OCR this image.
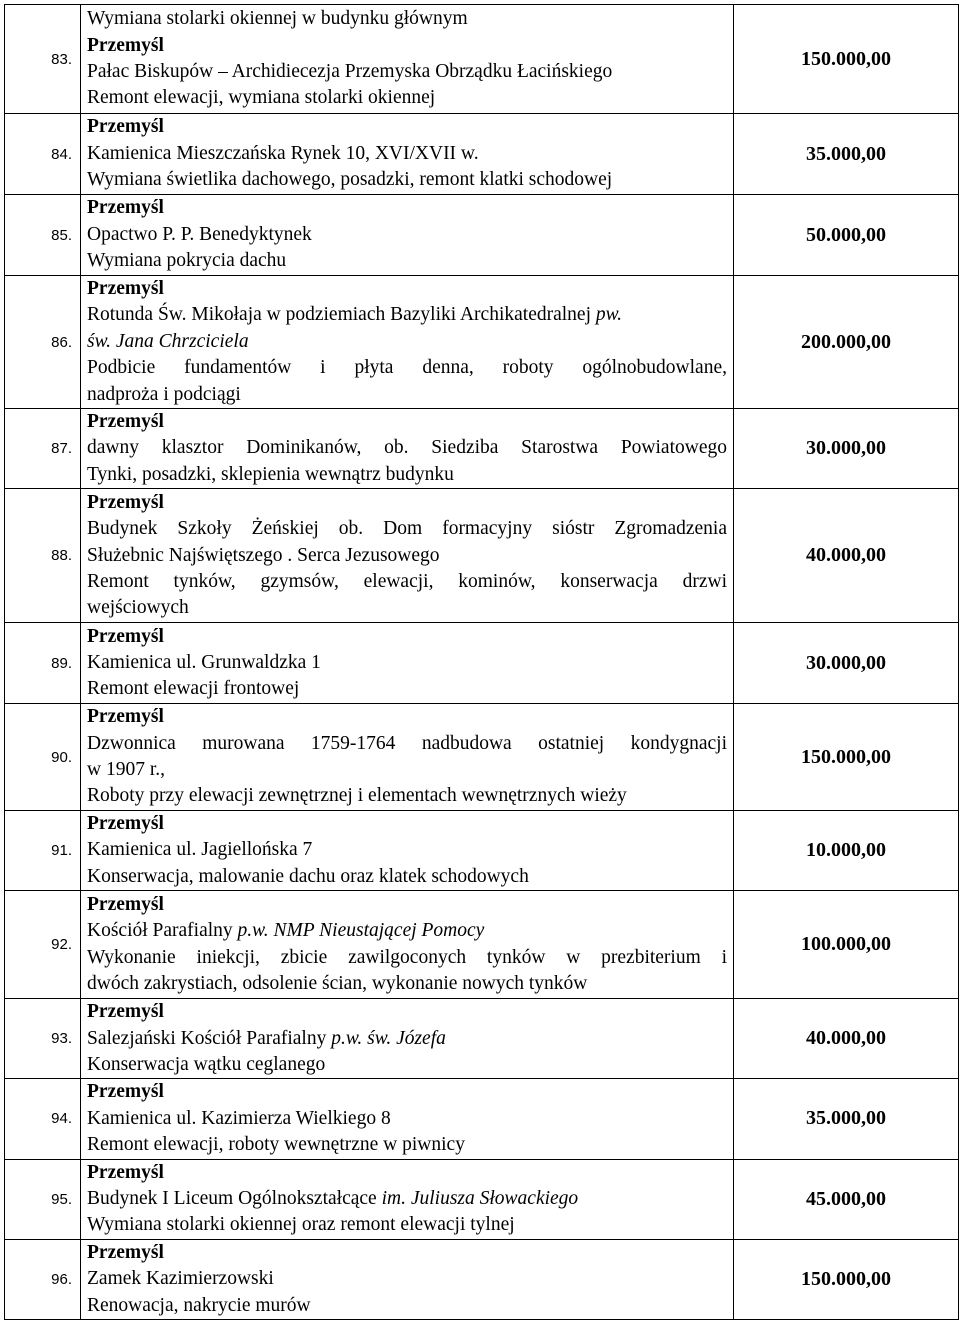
83.	Wymiana stolarki okiennej w budynku głównym
Przemyśl
Pałac Biskupów – Archidiecezja Przemyska Obrządku Łacińskiego
Remont elewacji, wymiana stolarki okiennej	150.000,00
84.	Przemyśl
Kamienica Mieszczańska Rynek 10, XVI/XVII w.
Wymiana świetlika dachowego, posadzki, remont klatki schodowej	35.000,00
85.	Przemyśl
Opactwo P. P. Benedyktynek
Wymiana pokrycia dachu	50.000,00
86.	Przemyśl
Rotunda Św. Mikołaja w podziemiach Bazyliki Archikatedralnej pw.
św. Jana Chrzciciela
Podbicie fundamentów i płyta denna, roboty ogólnobudowlane,
nadproża i podciągi	200.000,00
87.	Przemyśl
dawny klasztor Dominikanów, ob. Siedziba Starostwa Powiatowego
Tynki, posadzki, sklepienia wewnątrz budynku	30.000,00
88.	Przemyśl
Budynek Szkoły Żeńskiej ob. Dom formacyjny sióstr Zgromadzenia
Służebnic Najświętszego . Serca Jezusowego
Remont tynków, gzymsów, elewacji, kominów, konserwacja drzwi
wejściowych	40.000,00
89.	Przemyśl
Kamienica ul. Grunwaldzka 1
Remont elewacji frontowej	30.000,00
90.	Przemyśl
Dzwonnica murowana 1759-1764 nadbudowa ostatniej kondygnacji
w 1907 r.,
Roboty przy elewacji zewnętrznej i elementach wewnętrznych wieży	150.000,00
91.	Przemyśl
Kamienica ul. Jagiellońska 7
Konserwacja, malowanie dachu oraz klatek schodowych	10.000,00
92.	Przemyśl
Kościół Parafialny p.w. NMP Nieustającej Pomocy
Wykonanie iniekcji, zbicie zawilgoconych tynków w prezbiterium i
dwóch zakrystiach, odsolenie ścian, wykonanie nowych tynków	100.000,00
93.	Przemyśl
Salezjański Kościół Parafialny p.w. św. Józefa
Konserwacja wątku ceglanego	40.000,00
94.	Przemyśl
Kamienica ul. Kazimierza Wielkiego 8
Remont elewacji, roboty wewnętrzne w piwnicy	35.000,00
95.	Przemyśl
Budynek I Liceum Ogólnokształcące im. Juliusza Słowackiego
Wymiana stolarki okiennej oraz remont elewacji tylnej	45.000,00
96.	Przemyśl
Zamek Kazimierzowski
Renowacja, nakrycie murów	150.000,00
